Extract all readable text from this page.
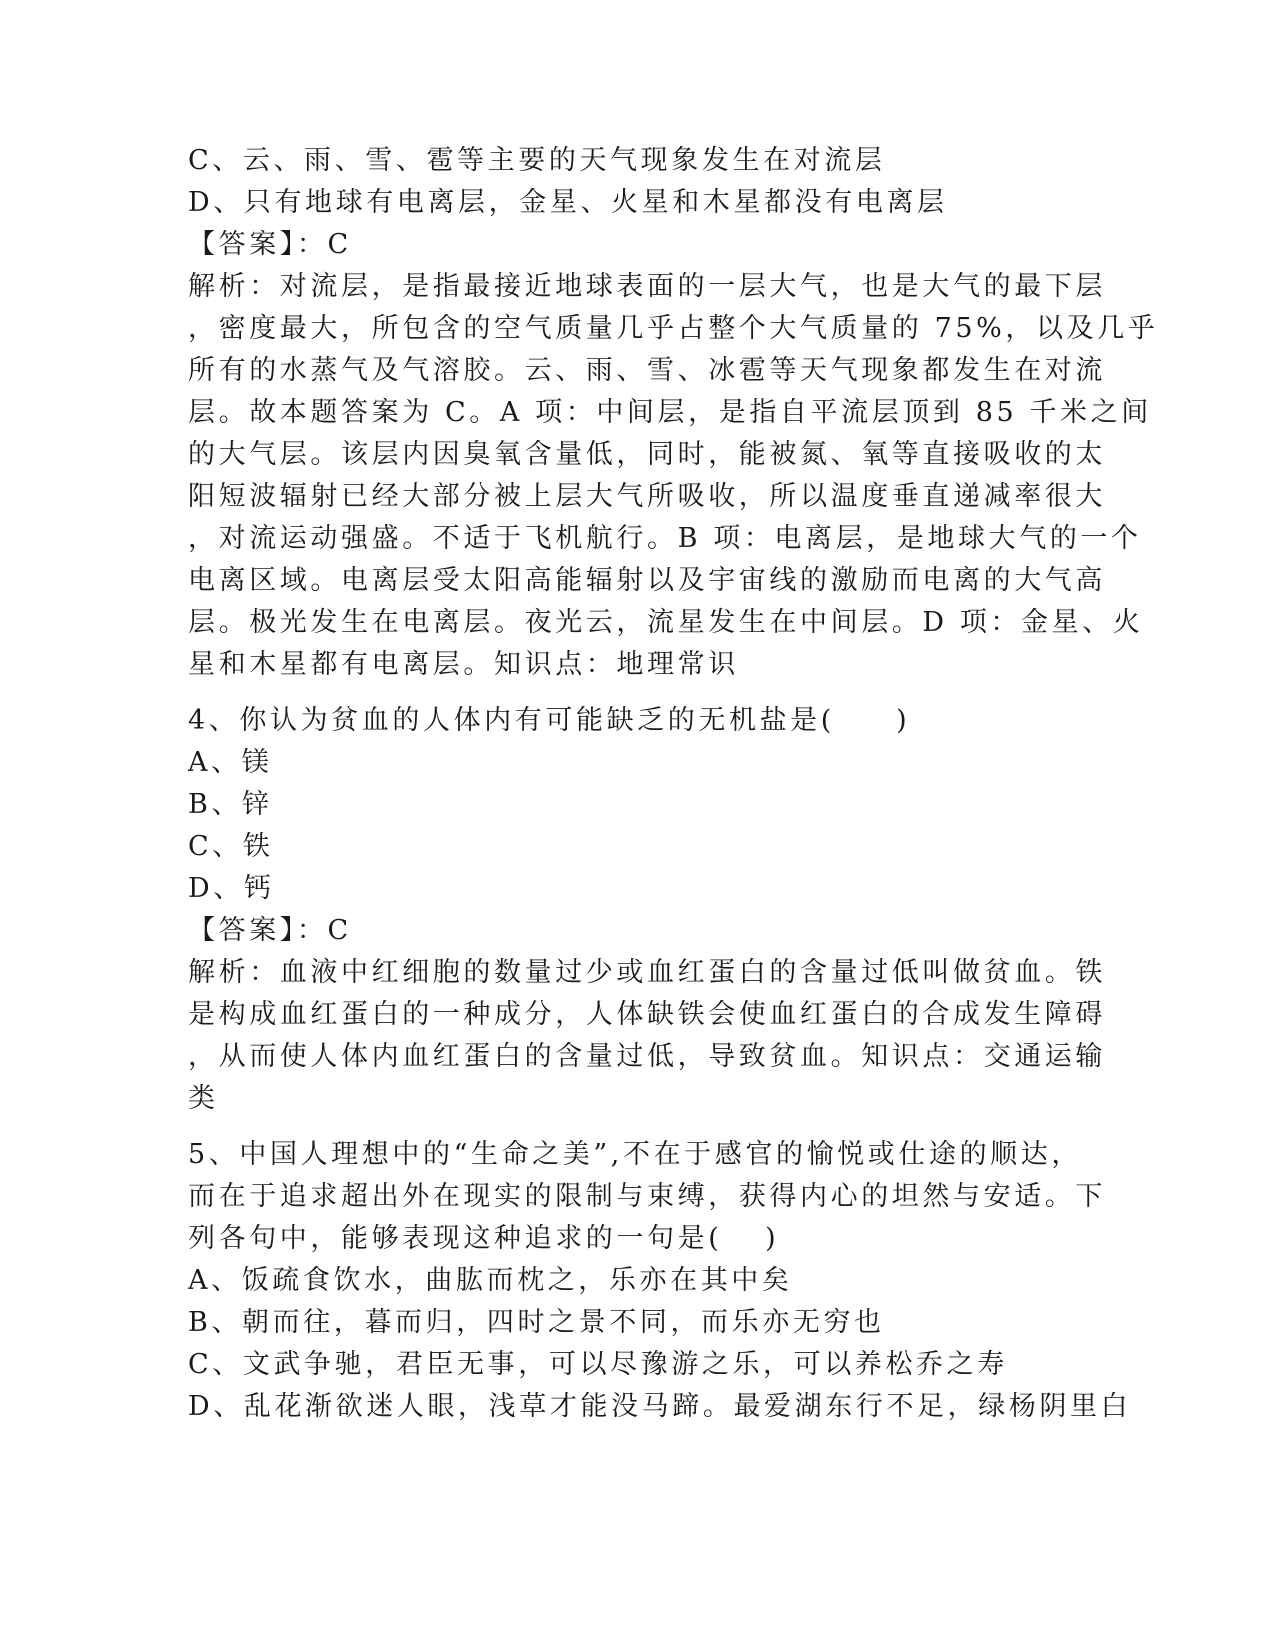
C、云、雨、雪、雹等主要的天气现象发生在对流层

D、只有地球有电离层，金星、火星和木星都没有电离层

【答案】：C

解析：对流层，是指最接近地球表面的一层大气，也是大气的最下层

，密度最大，所包含的空气质量几乎占整个大气质量的 75%，以及几乎

所有的水蒸气及气溶胶。云、雨、雪、冰雹等天气现象都发生在对流

层。故本题答案为 C。A 项：中间层，是指自平流层顶到 85 千米之间

的大气层。该层内因臭氧含量低，同时，能被氮、氧等直接吸收的太

阳短波辐射已经大部分被上层大气所吸收，所以温度垂直递减率很大

，对流运动强盛。不适于飞机航行。B 项：电离层，是地球大气的一个

电离区域。电离层受太阳高能辐射以及宇宙线的激励而电离的大气高

层。极光发生在电离层。夜光云，流星发生在中间层。D 项：金星、火

星和木星都有电离层。知识点：地理常识

4、你认为贫血的人体内有可能缺乏的无机盐是(　　)

A、镁

B、锌

C、铁

D、钙

【答案】：C

解析：血液中红细胞的数量过少或血红蛋白的含量过低叫做贫血。铁

是构成血红蛋白的一种成分，人体缺铁会使血红蛋白的合成发生障碍

，从而使人体内血红蛋白的含量过低，导致贫血。知识点：交通运输

类

5、中国人理想中的“生命之美”,不在于感官的愉悦或仕途的顺达，

而在于追求超出外在现实的限制与束缚，获得内心的坦然与安适。下

列各句中，能够表现这种追求的一句是(　 )

A、饭疏食饮水，曲肱而枕之，乐亦在其中矣

B、朝而往，暮而归，四时之景不同，而乐亦无穷也

C、文武争驰，君臣无事，可以尽豫游之乐，可以养松乔之寿

D、乱花渐欲迷人眼，浅草才能没马蹄。最爱湖东行不足，绿杨阴里白
